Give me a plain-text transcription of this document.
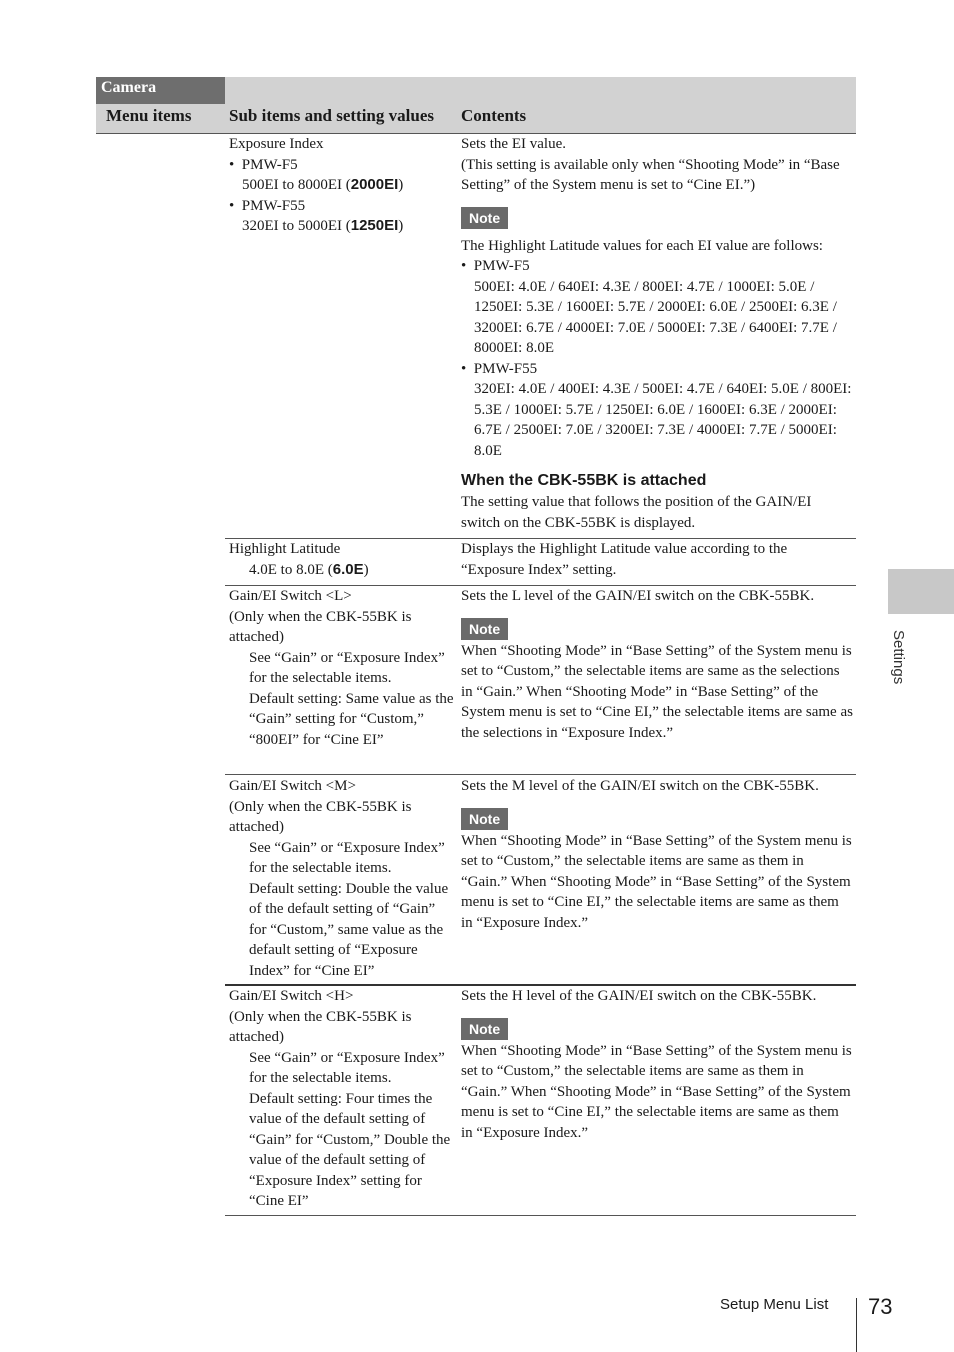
Camera
Menu items Sub items and setting values Contents

Exposure Index

•  PMW-F5

500EI to 8000EI (2000EI)

•  PMW-F55

320EI to 5000EI (1250EI)

Sets the EI value.

(This setting is available only when “Shooting Mode” in “Base Setting” of the System menu is set to “Cine EI.”)

Note

The Highlight Latitude values for each EI value are follows:

•  PMW-F5

500EI: 4.0E / 640EI: 4.3E / 800EI: 4.7E / 1000EI: 5.0E / 1250EI: 5.3E / 1600EI: 5.7E / 2000EI: 6.0E / 2500EI: 6.3E / 3200EI: 6.7E / 4000EI: 7.0E / 5000EI: 7.3E / 6400EI: 7.7E / 8000EI: 8.0E

•  PMW-F55

320EI: 4.0E / 400EI: 4.3E / 500EI: 4.7E / 640EI: 5.0E / 800EI: 5.3E / 1000EI: 5.7E / 1250EI: 6.0E / 1600EI: 6.3E / 2000EI: 6.7E / 2500EI: 7.0E / 3200EI: 7.3E / 4000EI: 7.7E / 5000EI: 8.0E

When the CBK-55BK is attached

The setting value that follows the position of the GAIN/EI switch on the CBK-55BK is displayed.

Highlight Latitude

4.0E to 8.0E (6.0E)

Displays the Highlight Latitude value according to the “Exposure Index” setting.

Gain/EI Switch <L>

(Only when the CBK-55BK is attached)

See “Gain” or “Exposure Index” for the selectable items.

Default setting: Same value as the “Gain” setting for “Custom,” “800EI” for “Cine EI”

Sets the L level of the GAIN/EI switch on the CBK-55BK.

Note

When “Shooting Mode” in “Base Setting” of the System menu is set to “Custom,” the selectable items are same as the selections in “Gain.” When “Shooting Mode” in “Base Setting” of the System menu is set to “Cine EI,” the selectable items are same as the selections in “Exposure Index.”

Gain/EI Switch <M>

(Only when the CBK-55BK is attached)

See “Gain” or “Exposure Index” for the selectable items.

Default setting: Double the value of the default setting of “Gain” for “Custom,” same value as the default setting of “Exposure Index” for “Cine EI”

Sets the M level of the GAIN/EI switch on the CBK-55BK.

Note

When “Shooting Mode” in “Base Setting” of the System menu is set to “Custom,” the selectable items are same as them in “Gain.” When “Shooting Mode” in “Base Setting” of the System menu is set to “Cine EI,” the selectable items are same as them in “Exposure Index.”

Gain/EI Switch <H>

(Only when the CBK-55BK is attached)

See “Gain” or “Exposure Index” for the selectable items.

Default setting: Four times the value of the default setting of “Gain” for “Custom,” Double the value of the default setting of “Exposure Index” setting for “Cine EI”

Sets the H level of the GAIN/EI switch on the CBK-55BK.

Note

When “Shooting Mode” in “Base Setting” of the System menu is set to “Custom,” the selectable items are same as them in “Gain.” When “Shooting Mode” in “Base Setting” of the System menu is set to “Cine EI,” the selectable items are same as them in “Exposure Index.”

Settings
Setup Menu List 73
